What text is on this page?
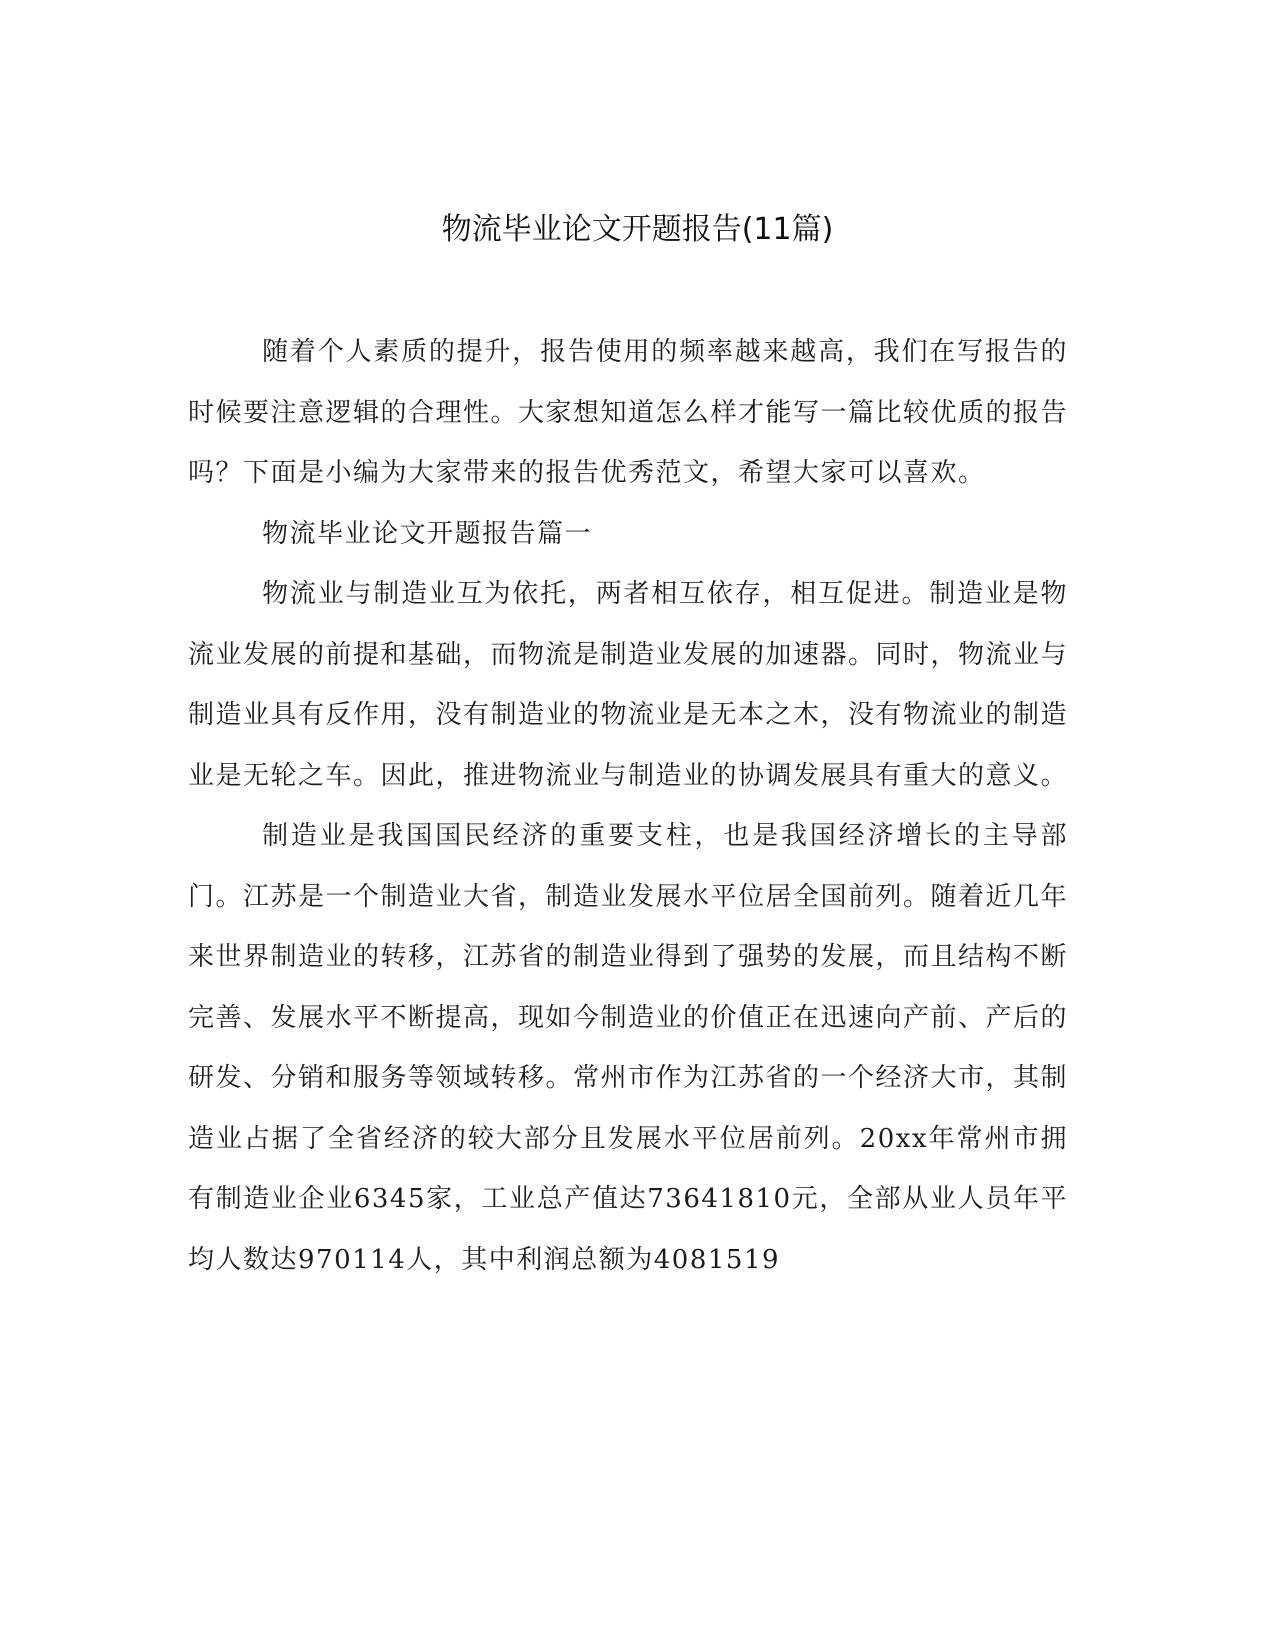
物流毕业论文开题报告(11篇)

随着个人素质的提升，报告使用的频率越来越高，我们在写报告的时候要注意逻辑的合理性。大家想知道怎么样才能写一篇比较优质的报告吗？下面是小编为大家带来的报告优秀范文，希望大家可以喜欢。

物流毕业论文开题报告篇一

物流业与制造业互为依托，两者相互依存，相互促进。制造业是物流业发展的前提和基础，而物流是制造业发展的加速器。同时，物流业与制造业具有反作用，没有制造业的物流业是无本之木，没有物流业的制造业是无轮之车。因此，推进物流业与制造业的协调发展具有重大的意义。

制造业是我国国民经济的重要支柱，也是我国经济增长的主导部门。江苏是一个制造业大省，制造业发展水平位居全国前列。随着近几年来世界制造业的转移，江苏省的制造业得到了强势的发展，而且结构不断完善、发展水平不断提高，现如今制造业的价值正在迅速向产前、产后的研发、分销和服务等领域转移。常州市作为江苏省的一个经济大市，其制造业占据了全省经济的较大部分且发展水平位居前列。20xx年常州市拥有制造业企业6345家，工业总产值达73641810元，全部从业人员年平均人数达970114人，其中利润总额为4081519
